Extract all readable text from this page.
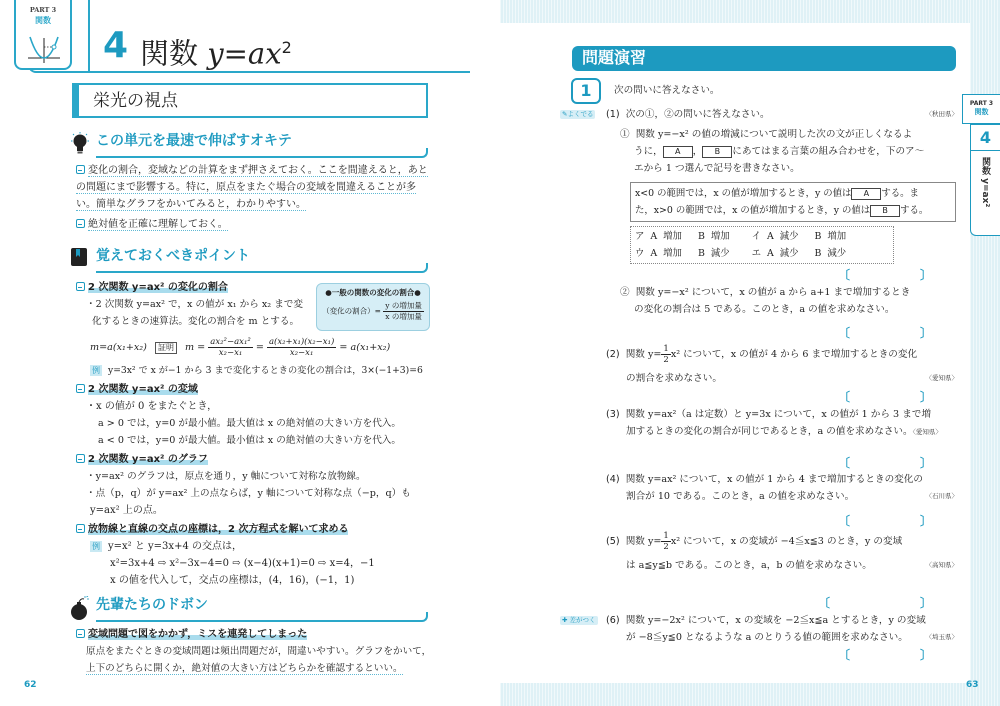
PART 3
関数
4 関数 $y=ax^2$
栄光の視点
この単元を最速で伸ばすオキテ
変化の割合，変域などの計算をまず押さえておく。ここを間違えると，あとの問題にまで影響する。特に，原点をまたぐ場合の変域を間違えることが多い。簡単なグラフをかいてみると，わかりやすい。
絶対値を正確に理解しておく。
覚えておくべきポイント
2 次関数 y=ax² の変化の割合
・2 次関数 y=ax² で，x の値が x₁ から x₂ まで変
化するときの速算法。変化の割合を m とする。
●一般の関数の変化の割合●
（変化の割合）= $\frac{\text{y の増加量}}{\text{x の増加量}}$
m=a(x₁+x₂) 証明 $m = \frac{\text{ax₂²−ax₁²}}{\text{x₂−x₁}} = \frac{\text{a(x₂+x₁)(x₂−x₁)}}{\text{x₂−x₁}} = a(x_1+x_2)$
例 y=3x² で x が−1 から 3 まで変化するときの変化の割合は，3×(−1+3)=6
2 次関数 y=ax² の変域
・x の値が 0 をまたぐとき，
a > 0 では，y=0 が最小値。最大値は x の絶対値の大きい方を代入。
a < 0 では，y=0 が最大値。最小値は x の絶対値の大きい方を代入。
2 次関数 y=ax² のグラフ
・y=ax² のグラフは，原点を通り，y 軸について対称な放物線。
・点（p，q）が y=ax² 上の点ならば，y 軸について対称な点（−p，q）も
y=ax² 上の点。
放物線と直線の交点の座標は，2 次方程式を解いて求める
例 y=x² と y=3x+4 の交点は，
x²=3x+4 ⇨ x²−3x−4=0 ⇨ (x−4)(x+1)=0 ⇨ x=4，−1
x の値を代入して，交点の座標は，(4，16)，(−1，1)
先輩たちのドボン
変域問題で図をかかず，ミスを連発してしまった
原点をまたぐときの変域問題は頻出問題だが，間違いやすい。グラフをかいて，
上下のどちらに開くか，絶対値の大きい方はどちらかを確認するといい。
62	63
問題演習
1	次の問いに答えなさい。
✎よくでる (1) 次の①，②の問いに答えなさい。	〈秋田県〉
① 関数 y=−x² の値の増減について説明した次の文が正しくなるよ
うに， A ， B にあてはまる言葉の組み合わせを，下のア〜
エから 1 つ選んで記号を書きなさい。
x<0 の範囲では，x の値が増加するとき，y の値は A する。ま
た，x>0 の範囲では，x の値が増加するとき，y の値は B する。
ア	A	増加	B	増加	イ	A	減少	B	増加
ウ	A	増加	B	減少	エ	A	減少	B	減少
〔	〕
② 関数 y=−x² について，x の値が a から a+1 まで増加するとき
の変化の割合は 5 である。このとき，a の値を求めなさい。
〔	〕
(2) 関数 $y= \frac{1}{2} x^2$ について，x の値が 4 から 6 まで増加するときの変化
の割合を求めなさい。	〈愛知県〉
〔	〕
(3) 関数 y=ax²（a は定数）と y=3x について，x の値が 1 から 3 まで増
加するときの変化の割合が同じであるとき，a の値を求めなさい。〈愛知県〉
〔	〕
(4) 関数 y=ax² について，x の値が 1 から 4 まで増加するときの変化の
割合が 10 である。このとき，a の値を求めなさい。	〈石川県〉
〔	〕
(5) 関数 $y= \frac{1}{2} x^2$ について，x の変域が −4≦x≦3 のとき，y の変域
は a≦y≦b である。このとき，a，b の値を求めなさい。	〈高知県〉
〔	〕
✚ 差がつく (6) 関数 y=−2x² について，x の変域を −2≦x≦a とするとき，y の変域
が −8≦y≦0 となるような a のとりうる値の範囲を求めなさい。	〈埼玉県〉
〔	〕
PART 3
関数
4
関数 y=ax²
